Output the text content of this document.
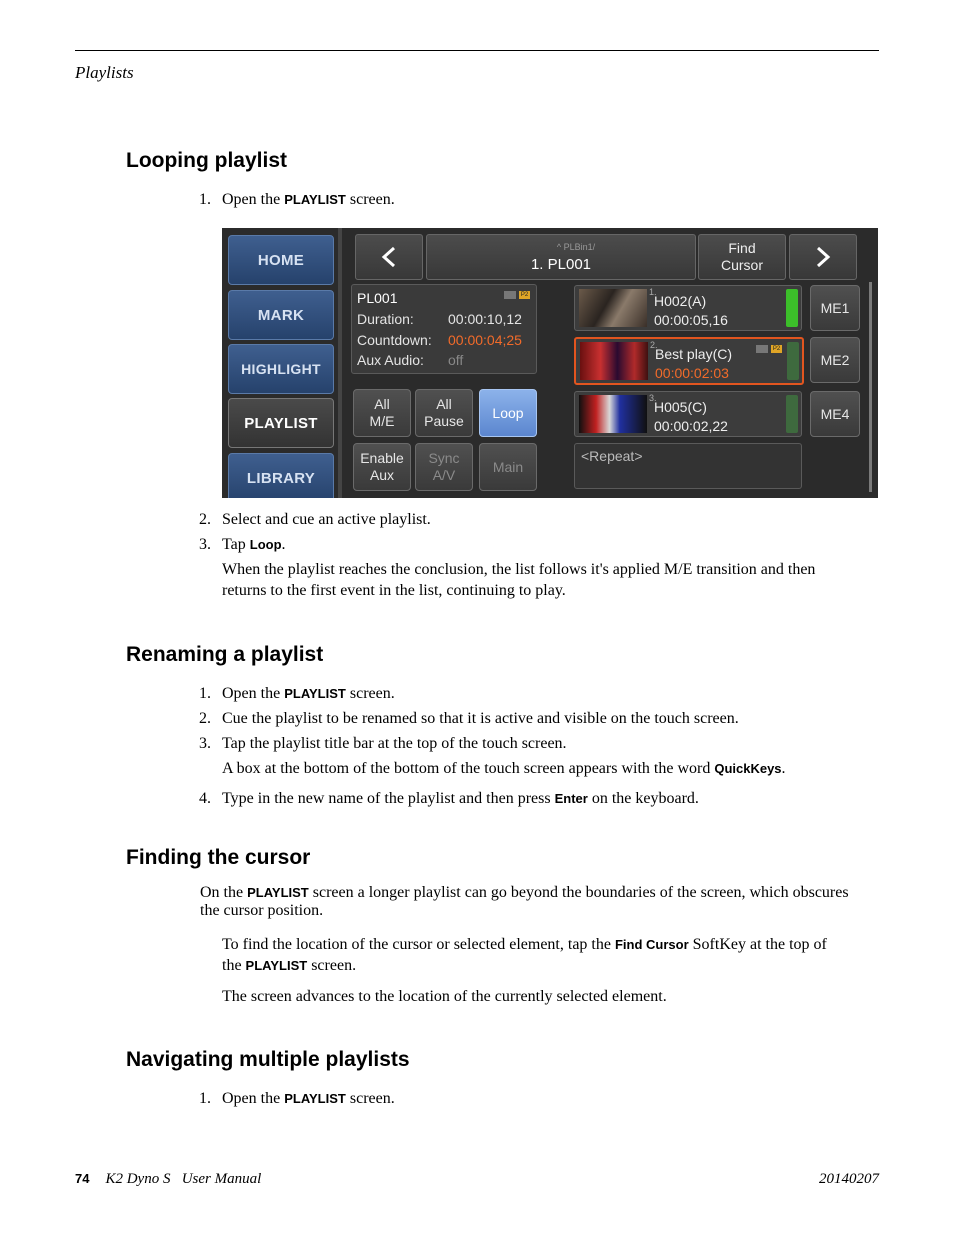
Playlists
Looping playlist
1. Open the PLAYLIST screen.
HOME
MARK
HIGHLIGHT
PLAYLIST
LIBRARY
^ PLBin1/
1. PL001
Find
Cursor
PL001	P2
Duration: 00:00:10,12
Countdown: 00:00:04;25
Aux Audio: off
All
M/E
All
Pause
Loop
Enable
Aux
Sync
A/V
Main
1.
H002(A)
00:00:05,16
ME1
2.
Best play(C)
00:00:02:03
P2
ME2
3.
H005(C)
00:00:02,22
ME4
<Repeat>
2. Select and cue an active playlist.
3. Tap Loop.
When the playlist reaches the conclusion, the list follows it's applied M/E transition and then
returns to the first event in the list, continuing to play.
Renaming a playlist
1. Open the PLAYLIST screen.
2. Cue the playlist to be renamed so that it is active and visible on the touch screen.
3. Tap the playlist title bar at the top of the touch screen.
A box at the bottom of the bottom of the touch screen appears with the word QuickKeys.
4. Type in the new name of the playlist and then press Enter on the keyboard.
Finding the cursor
On the PLAYLIST screen a longer playlist can go beyond the boundaries of the screen, which obscures
the cursor position.
To find the location of the cursor or selected element, tap the Find Cursor SoftKey at the top of
the PLAYLIST screen.
The screen advances to the location of the currently selected element.
Navigating multiple playlists
1. Open the PLAYLIST screen.
74 K2 Dyno S   User Manual	20140207
